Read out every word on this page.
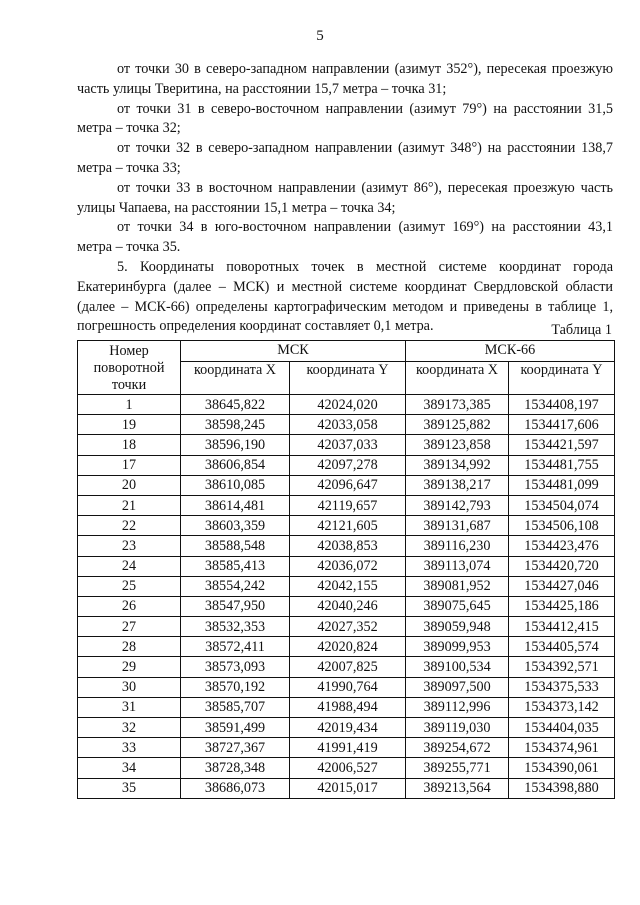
5

от точки 30 в северо-западном направлении (азимут 352°), пересекая проезжую часть улицы Тверитина, на расстоянии 15,7 метра – точка 31;

от точки 31 в северо-восточном направлении (азимут 79°) на расстоянии 31,5 метра – точка 32;

от точки 32 в северо-западном направлении (азимут 348°) на расстоянии 138,7 метра – точка 33;

от точки 33 в восточном направлении (азимут 86°), пересекая проезжую часть улицы Чапаева, на расстоянии 15,1 метра – точка 34;

от точки 34 в юго-восточном направлении (азимут 169°) на расстоянии 43,1 метра – точка 35.

5. Координаты поворотных точек в местной системе координат города Екатеринбурга (далее – МСК) и местной системе координат Свердловской области (далее – МСК-66) определены картографическим методом и приведены в таблице 1, погрешность определения координат составляет 0,1 метра.	Таблица 1
Номер поворотной точки	МСК		МСК-66	
	координата X	координата Y	координата X	координата Y
1	38645,822	42024,020	389173,385	1534408,197
19	38598,245	42033,058	389125,882	1534417,606
18	38596,190	42037,033	389123,858	1534421,597
17	38606,854	42097,278	389134,992	1534481,755
20	38610,085	42096,647	389138,217	1534481,099
21	38614,481	42119,657	389142,793	1534504,074
22	38603,359	42121,605	389131,687	1534506,108
23	38588,548	42038,853	389116,230	1534423,476
24	38585,413	42036,072	389113,074	1534420,720
25	38554,242	42042,155	389081,952	1534427,046
26	38547,950	42040,246	389075,645	1534425,186
27	38532,353	42027,352	389059,948	1534412,415
28	38572,411	42020,824	389099,953	1534405,574
29	38573,093	42007,825	389100,534	1534392,571
30	38570,192	41990,764	389097,500	1534375,533
31	38585,707	41988,494	389112,996	1534373,142
32	38591,499	42019,434	389119,030	1534404,035
33	38727,367	41991,419	389254,672	1534374,961
34	38728,348	42006,527	389255,771	1534390,061
35	38686,073	42015,017	389213,564	1534398,880
